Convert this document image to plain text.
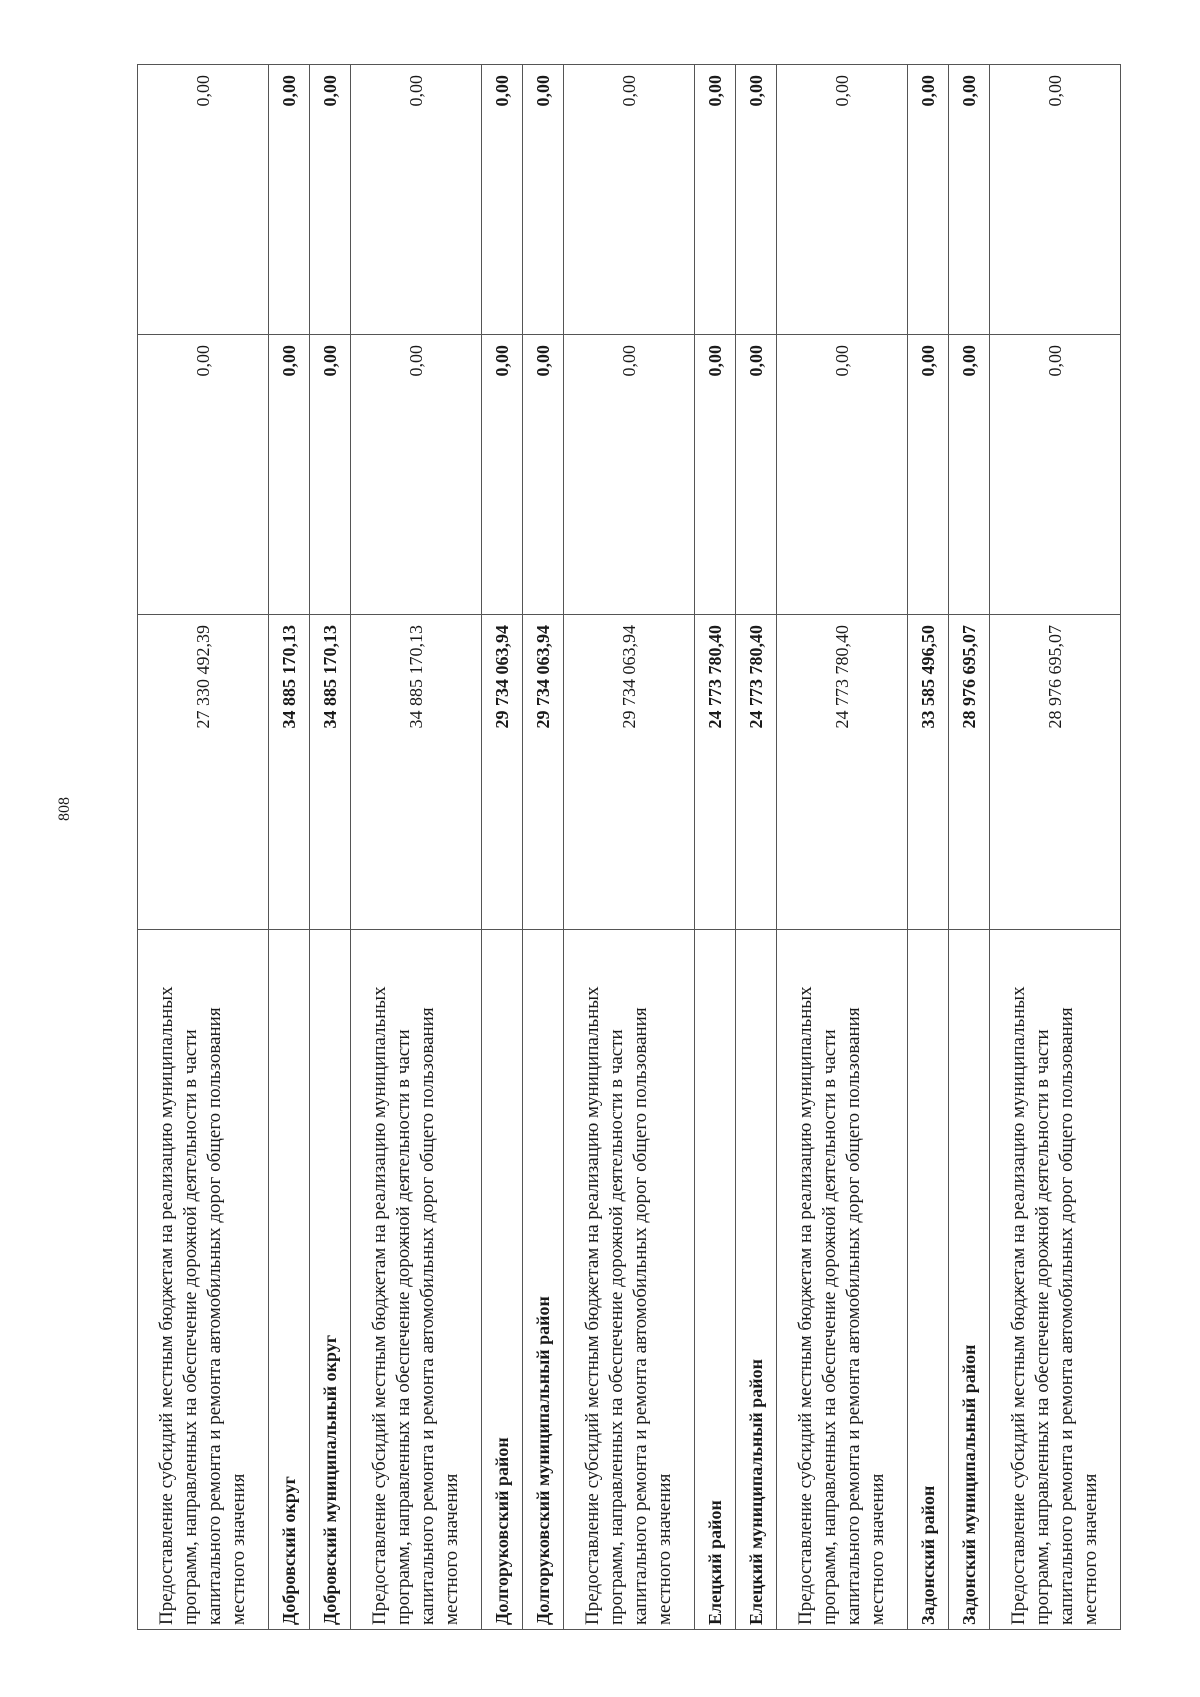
808
Предоставление субсидий местным бюджетам на реализацию муниципальных программ, направленных на обеспечение дорожной деятельности в части капитального ремонта и ремонта автомобильных дорог общего пользования местного значения	27 330 492,39	0,00	0,00
Добровский округ	34 885 170,13	0,00	0,00
Добровский муниципальный округ	34 885 170,13	0,00	0,00
Предоставление субсидий местным бюджетам на реализацию муниципальных программ, направленных на обеспечение дорожной деятельности в части капитального ремонта и ремонта автомобильных дорог общего пользования местного значения	34 885 170,13	0,00	0,00
Долгоруковский район	29 734 063,94	0,00	0,00
Долгоруковский муниципальный район	29 734 063,94	0,00	0,00
Предоставление субсидий местным бюджетам на реализацию муниципальных программ, направленных на обеспечение дорожной деятельности в части капитального ремонта и ремонта автомобильных дорог общего пользования местного значения	29 734 063,94	0,00	0,00
Елецкий район	24 773 780,40	0,00	0,00
Елецкий муниципальный район	24 773 780,40	0,00	0,00
Предоставление субсидий местным бюджетам на реализацию муниципальных программ, направленных на обеспечение дорожной деятельности в части капитального ремонта и ремонта автомобильных дорог общего пользования местного значения	24 773 780,40	0,00	0,00
Задонский район	33 585 496,50	0,00	0,00
Задонский муниципальный район	28 976 695,07	0,00	0,00
Предоставление субсидий местным бюджетам на реализацию муниципальных программ, направленных на обеспечение дорожной деятельности в части капитального ремонта и ремонта автомобильных дорог общего пользования местного значения	28 976 695,07	0,00	0,00
